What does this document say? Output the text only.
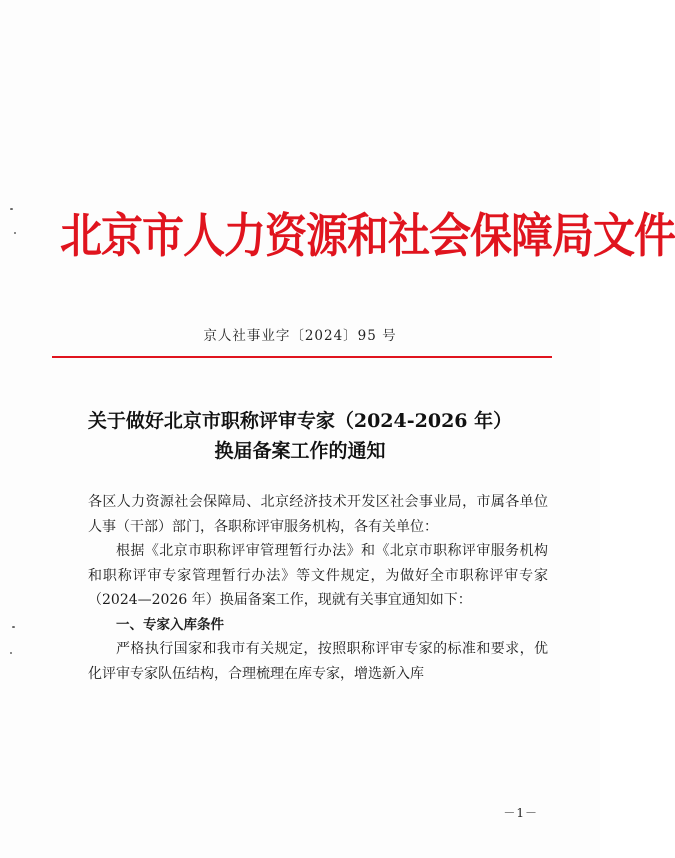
北京市人力资源和社会保障局文件
京人社事业字〔2024〕95 号
关于做好北京市职称评审专家（2024-2026 年）
换届备案工作的通知

各区人力资源社会保障局、北京经济技术开发区社会事业局，市属各单位人事（干部）部门，各职称评审服务机构，各有关单位：

根据《北京市职称评审管理暂行办法》和《北京市职称评审服务机构和职称评审专家管理暂行办法》等文件规定，为做好全市职称评审专家（2024—2026 年）换届备案工作，现就有关事宜通知如下：

一、专家入库条件

严格执行国家和我市有关规定，按照职称评审专家的标准和要求，优化评审专家队伍结构，合理梳理在库专家，增选新入库

－1－
